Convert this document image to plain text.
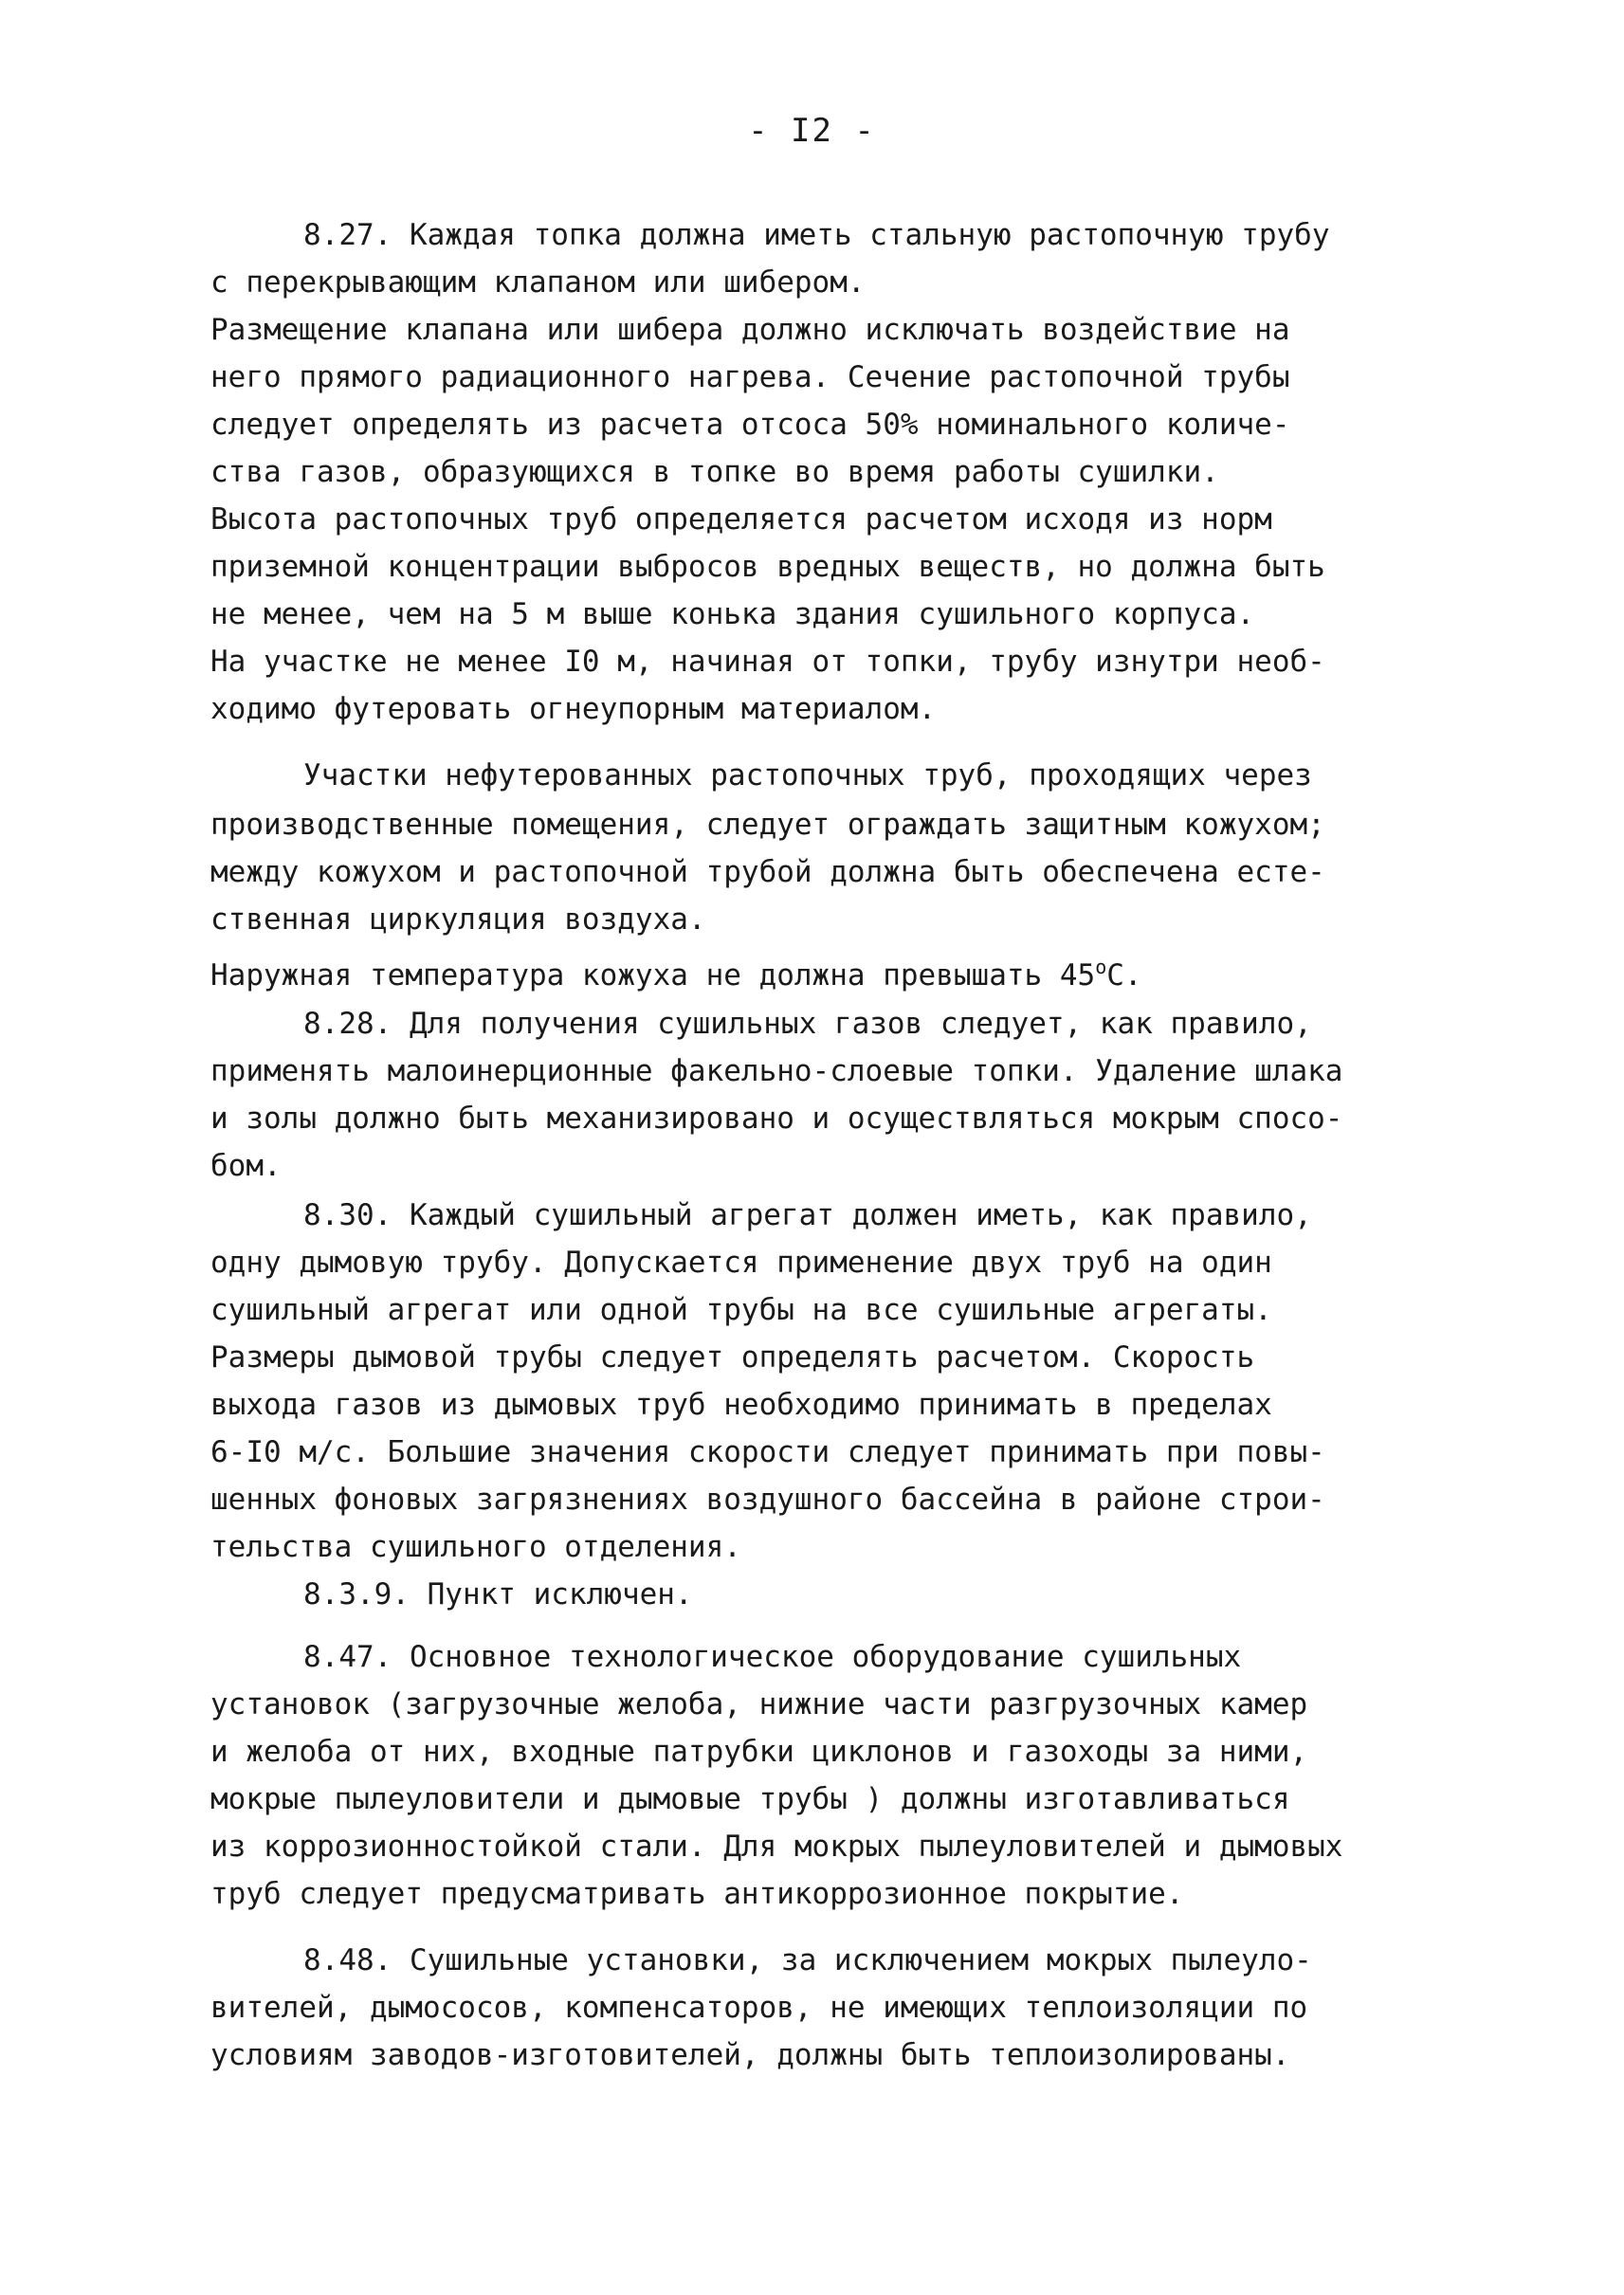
- I2 -
8.27. Каждая топка должна иметь стальную растопочную трубу
с перекрывающим клапаном или шибером.
Размещение клапана или шибера должно исключать воздействие на
него прямого радиационного нагрева. Сечение растопочной трубы
следует определять из расчета отсоса 50% номинального количе-
ства газов, образующихся в топке во время работы сушилки.
Высота растопочных труб определяется расчетом исходя из норм
приземной концентрации выбросов вредных веществ, но должна быть
не менее, чем на 5 м выше конька здания сушильного корпуса.
На участке не менее I0 м, начиная от топки, трубу изнутри необ-
ходимо футеровать огнеупорным материалом.
Участки нефутерованных растопочных труб, проходящих через
производственные помещения, следует ограждать защитным кожухом;
между кожухом и растопочной трубой должна быть обеспечена есте-
ственная циркуляция воздуха.
Наружная температура кожуха не должна превышать 45$^o$C.
8.28. Для получения сушильных газов следует, как правило,
применять малоинерционные факельно-слоевые топки. Удаление шлака
и золы должно быть механизировано и осуществляться мокрым спосо-
бом.
8.30. Каждый сушильный агрегат должен иметь, как правило,
одну дымовую трубу. Допускается применение двух труб на один
сушильный агрегат или одной трубы на все сушильные агрегаты.
Размеры дымовой трубы следует определять расчетом. Скорость
выхода газов из дымовых труб необходимо принимать в пределах
6-I0 м/с. Большие значения скорости следует принимать при повы-
шенных фоновых загрязнениях воздушного бассейна в районе строи-
тельства сушильного отделения.
8.3.9. Пункт исключен.
8.47. Основное технологическое оборудование сушильных
установок (загрузочные желоба, нижние части разгрузочных камер
и желоба от них, входные патрубки циклонов и газоходы за ними,
мокрые пылеуловители и дымовые трубы ) должны изготавливаться
из коррозионностойкой стали. Для мокрых пылеуловителей и дымовых
труб следует предусматривать антикоррозионное покрытие.
8.48. Сушильные установки, за исключением мокрых пылеуло-
вителей, дымососов, компенсаторов, не имеющих теплоизоляции по
условиям заводов-изготовителей, должны быть теплоизолированы.
